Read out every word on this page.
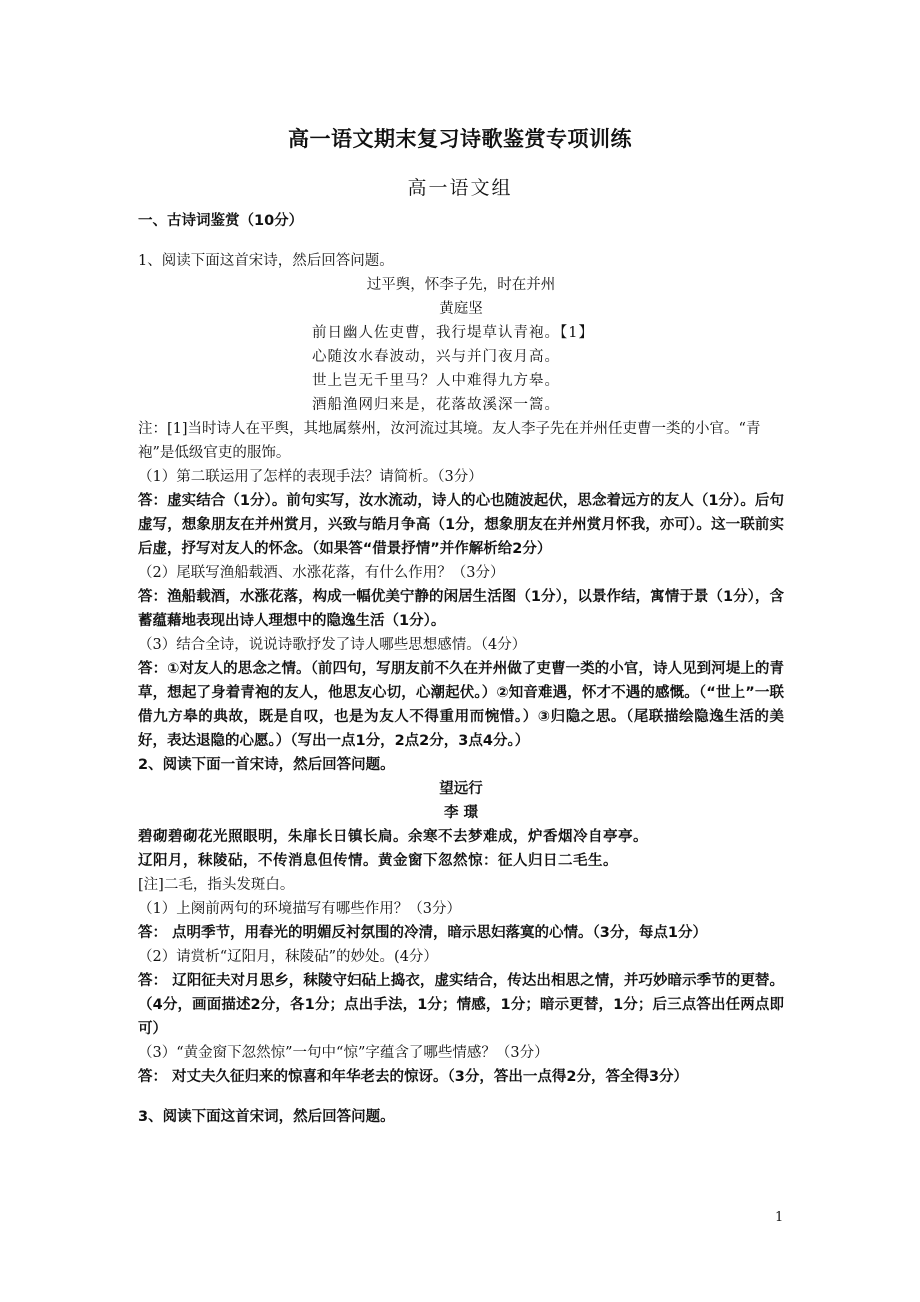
高一语文期末复习诗歌鉴赏专项训练
高一语文组
一、古诗词鉴赏（10分）
1、阅读下面这首宋诗，然后回答问题。
过平舆，怀李子先，时在并州
黄庭坚
前日幽人佐吏曹，我行堤草认青袍。【1】
心随汝水春波动，兴与并门夜月高。
世上岂无千里马？人中难得九方皋。
酒船渔网归来是，花落故溪深一篙。
注：[1]当时诗人在平舆，其地属蔡州，汝河流过其境。友人李子先在并州任吏曹一类的小官。“青袍”是低级官吏的服饰。
（1）第二联运用了怎样的表现手法？请简析。（3分）
答：虚实结合（1分）。前句实写，汝水流动，诗人的心也随波起伏，思念着远方的友人（1分）。后句虚写，想象朋友在并州赏月，兴致与皓月争高（1分，想象朋友在并州赏月怀我，亦可）。这一联前实后虚，抒写对友人的怀念。（如果答“借景抒情”并作解析给2分）
（2）尾联写渔船载酒、水涨花落，有什么作用？（3分）
答：渔船载酒，水涨花落，构成一幅优美宁静的闲居生活图（1分），以景作结，寓情于景（1分），含蓄蕴藉地表现出诗人理想中的隐逸生活（1分）。
（3）结合全诗，说说诗歌抒发了诗人哪些思想感情。（4分）
答：①对友人的思念之情。（前四句，写朋友前不久在并州做了吏曹一类的小官，诗人见到河堤上的青草，想起了身着青袍的友人，他思友心切，心潮起伏。）②知音难遇，怀才不遇的感慨。（“世上”一联借九方皋的典故，既是自叹，也是为友人不得重用而惋惜。）③归隐之思。（尾联描绘隐逸生活的美好，表达退隐的心愿。）（写出一点1分，2点2分，3点4分。）
2、阅读下面一首宋诗，然后回答问题。
望远行
李 璟
碧砌碧砌花光照眼明，朱扉长日镇长扃。余寒不去梦难成，炉香烟冷自亭亭。
辽阳月，秣陵砧，不传消息但传情。黄金窗下忽然惊：征人归日二毛生。
[注]二毛，指头发斑白。
（1）上阕前两句的环境描写有哪些作用？（3分）
答： 点明季节，用春光的明媚反衬氛围的冷清，暗示思妇落寞的心情。（3分，每点1分）
（2）请赏析“辽阳月，秣陵砧”的妙处。(4分）
答： 辽阳征夫对月思乡，秣陵守妇砧上捣衣，虚实结合，传达出相思之情，并巧妙暗示季节的更替。（4分，画面描述2分，各1分；点出手法，1分；情感，1分；暗示更替，1分；后三点答出任两点即可）
（3）“黄金窗下忽然惊”一句中“惊”字蕴含了哪些情感？（3分）
答： 对丈夫久征归来的惊喜和年华老去的惊讶。（3分，答出一点得2分，答全得3分）
3、阅读下面这首宋词，然后回答问题。
1
